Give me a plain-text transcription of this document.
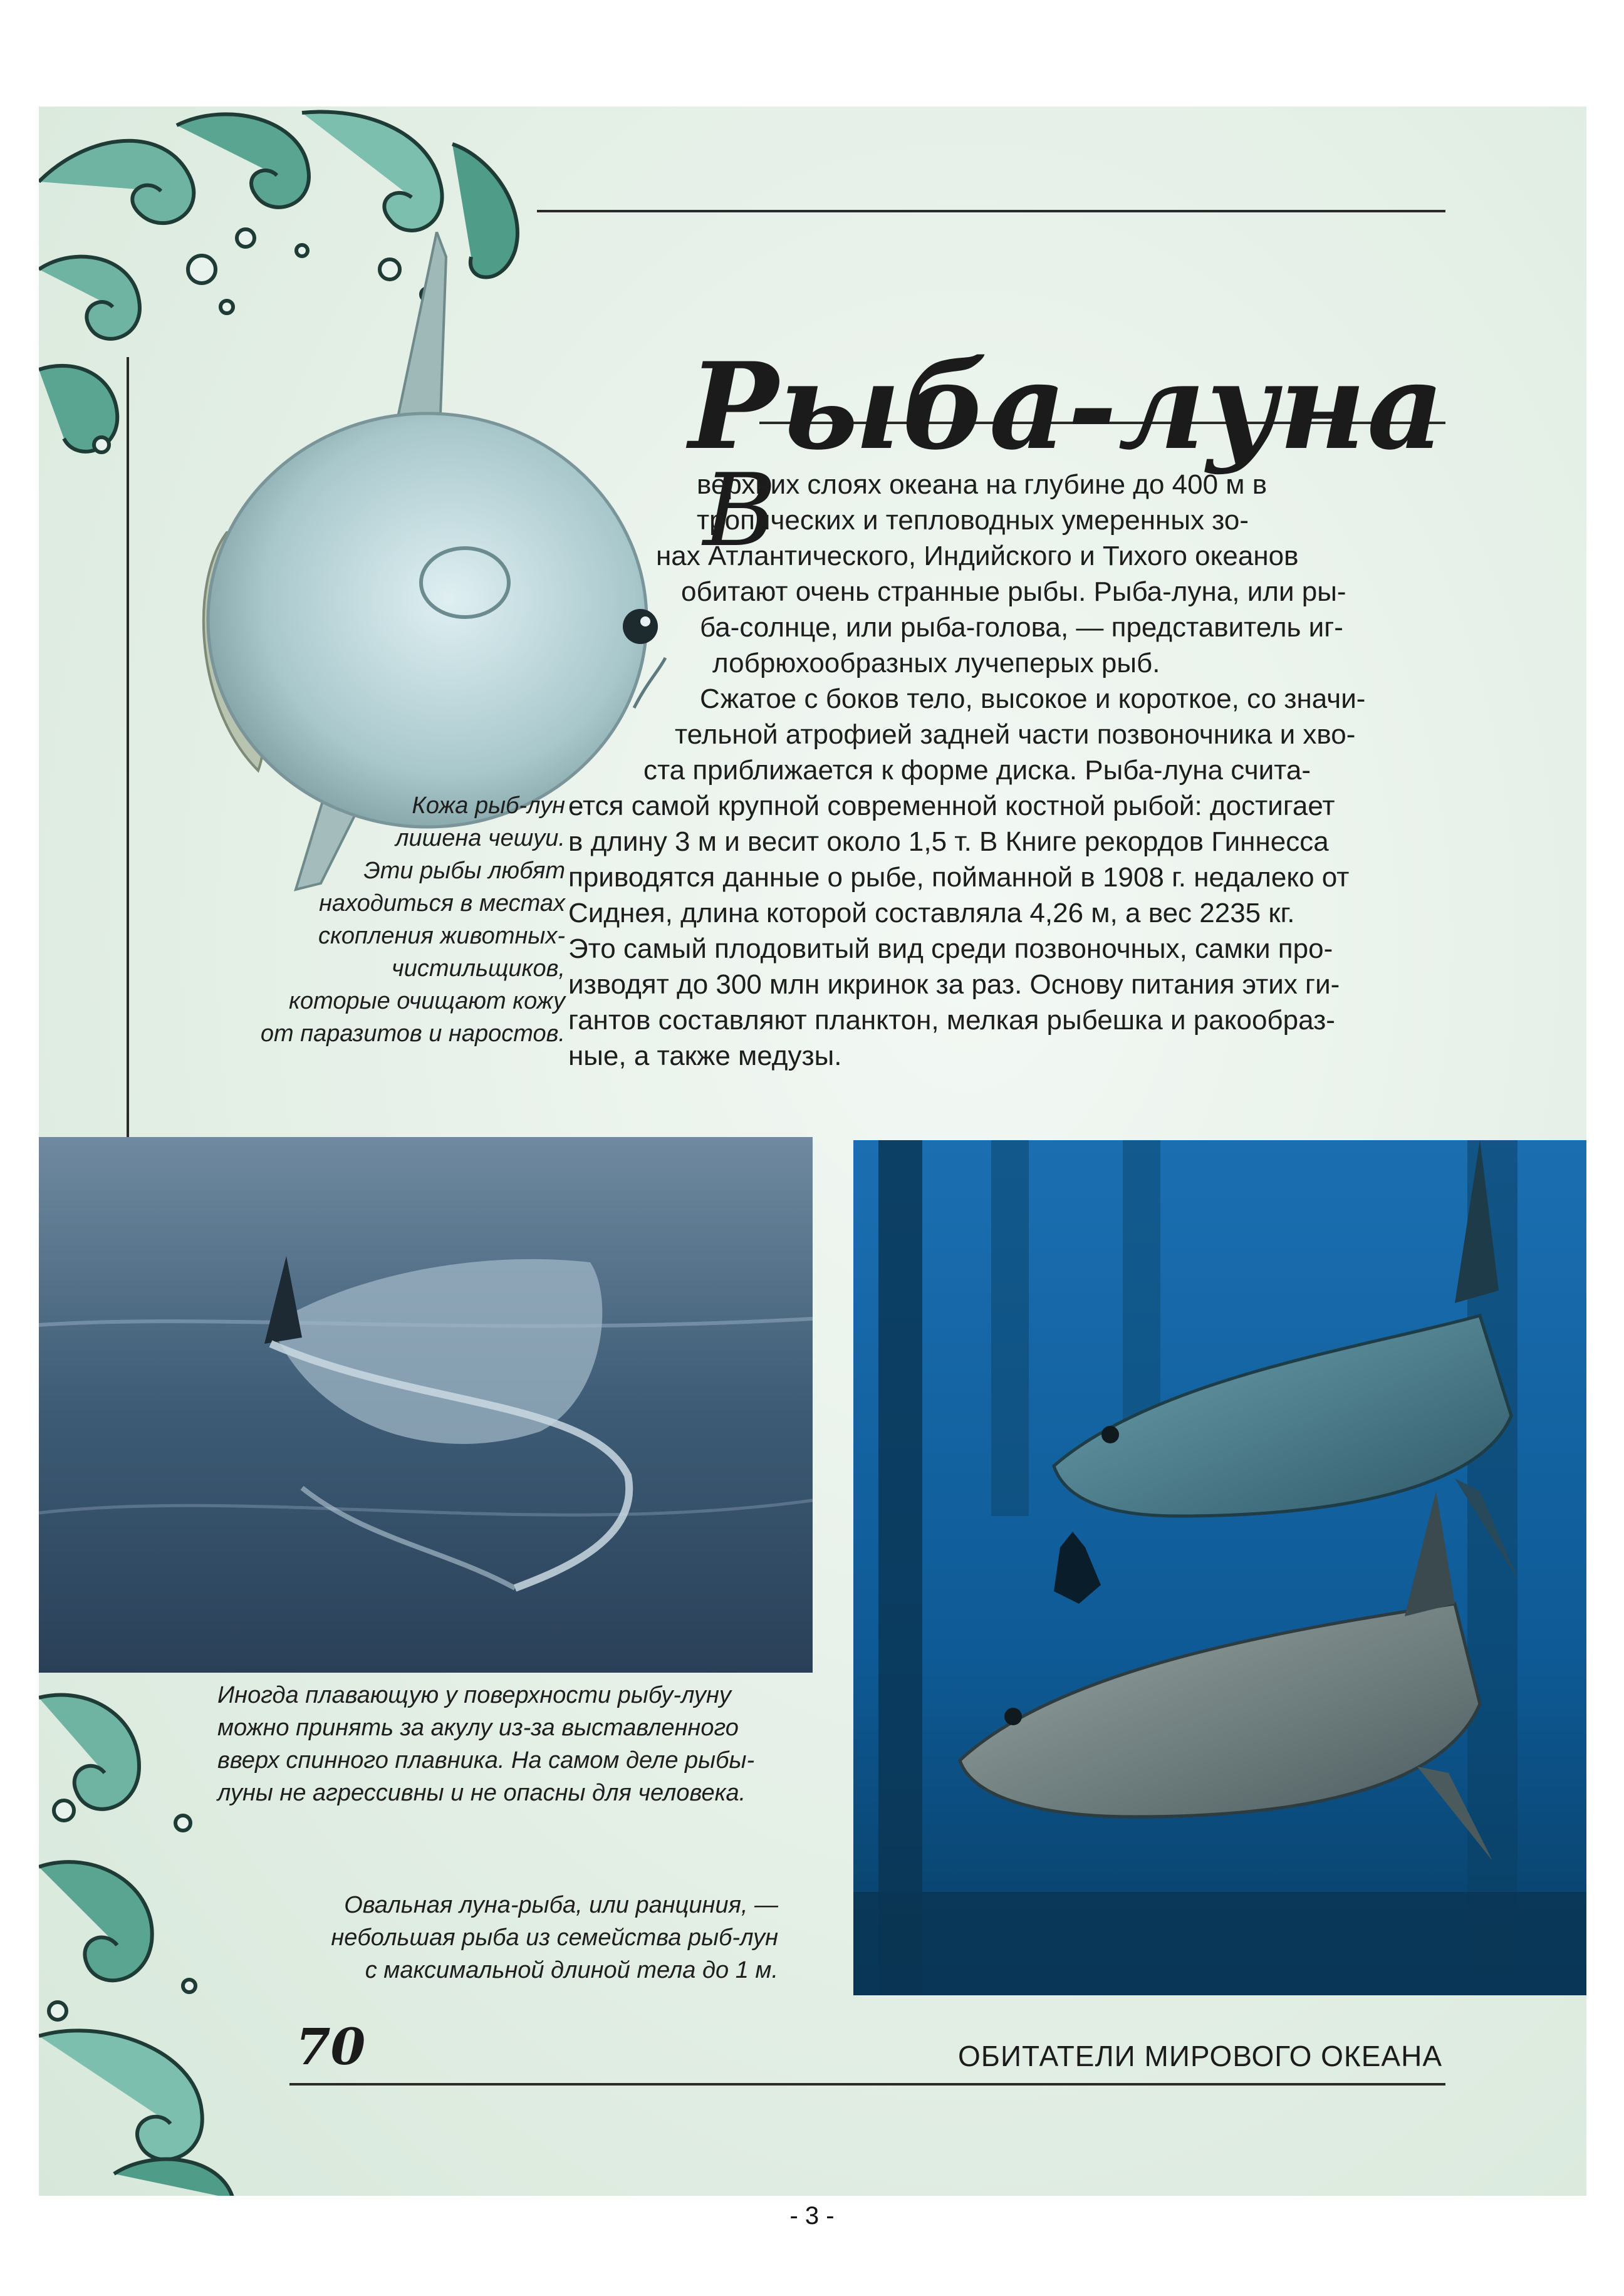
Рыба-луна
В

верхних слоях океана на глубине до 400 м в

тропических и тепловодных умеренных зо-

нах Атлантического, Индийского и Тихого океанов

обитают очень странные рыбы. Рыба-луна, или ры-

ба-солнце, или рыба-голова, — представитель иг-

лобрюхообразных лучеперых рыб.

Сжатое с боков тело, высокое и короткое, со значи-

тельной атрофией задней части позвоночника и хво-

ста приближается к форме диска. Рыба-луна счита-

ется самой крупной современной костной рыбой: достигает

в длину 3 м и весит около 1,5 т. В Книге рекордов Гиннесса

приводятся данные о рыбе, пойманной в 1908 г. недалеко от

Сиднея, длина которой составляла 4,26 м, а вес 2235 кг.

Это самый плодовитый вид среди позвоночных, самки про-

изводят до 300 млн икринок за раз. Основу питания этих ги-

гантов составляют планктон, мелкая рыбешка и ракообраз-

ные, а также медузы.

Кожа рыб-лун
лишена чешуи.
Эти рыбы любят
находиться в местах
скопления животных-
чистильщиков,
которые очищают кожу
от паразитов и наростов.
Иногда плавающую у поверхности рыбу-луну
можно принять за акулу из-за выставленного
вверх спинного плавника. На самом деле рыбы-
луны не агрессивны и не опасны для человека.
Овальная луна-рыба, или ранциния, —
небольшая рыба из семейства рыб-лун
с максимальной длиной тела до 1 м.
70	ОБИТАТЕЛИ МИРОВОГО ОКЕАНА
- 3 -
